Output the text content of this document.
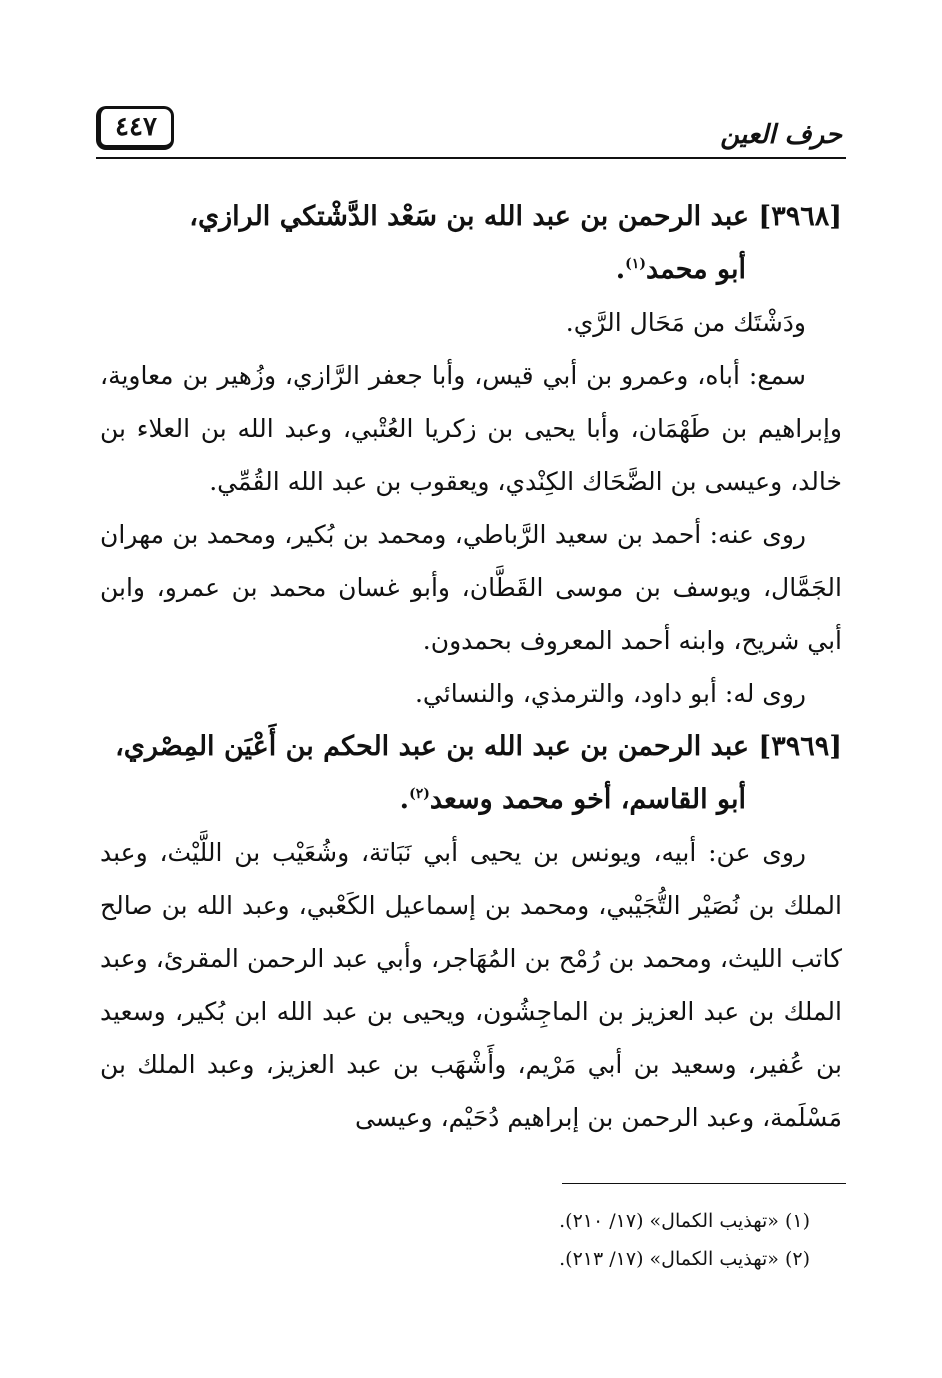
حرف العين
٤٤٧
[٣٩٦٨] عبد الرحمن بن عبد الله بن سَعْد الدَّشْتكي الرازي،
أبو محمد$^{(١)}$.

ودَشْتَك من مَحَال الرَّي.

سمع: أباه، وعمرو بن أبي قيس، وأبا جعفر الرَّازي، وزُهير بن معاوية، وإبراهيم بن طَهْمَان، وأبا يحيى بن زكريا العُتْبي، وعبد الله بن العلاء بن خالد، وعيسى بن الضَّحَاك الكِنْدي، ويعقوب بن عبد الله القُمِّي.

روى عنه: أحمد بن سعيد الرَّباطي، ومحمد بن بُكير، ومحمد بن مهران الجَمَّال، ويوسف بن موسى القَطَّان، وأبو غسان محمد بن عمرو، وابن أبي شريح، وابنه أحمد المعروف بحمدون.

روى له: أبو داود، والترمذي، والنسائي.

[٣٩٦٩] عبد الرحمن بن عبد الله بن عبد الحكم بن أَعْيَن المِصْري،
أبو القاسم، أخو محمد وسعد$^{(٢)}$.

روى عن: أبيه، ويونس بن يحيى أبي نَبَاتة، وشُعَيْب بن اللَّيْث، وعبد الملك بن نُصَيْر التُّجَيْبي، ومحمد بن إسماعيل الكَعْبي، وعبد الله بن صالح كاتب الليث، ومحمد بن رُمْح بن المُهَاجر، وأبي عبد الرحمن المقرئ، وعبد الملك بن عبد العزيز بن الماجِشُون، ويحيى بن عبد الله ابن بُكير، وسعيد بن عُفير، وسعيد بن أبي مَرْيم، وأَشْهَب بن عبد العزيز، وعبد الملك بن مَسْلَمة، وعبد الرحمن بن إبراهيم دُحَيْم، وعيسى

(١) «تهذيب الكمال» (١٧/ ٢١٠).

(٢) «تهذيب الكمال» (١٧/ ٢١٣).
